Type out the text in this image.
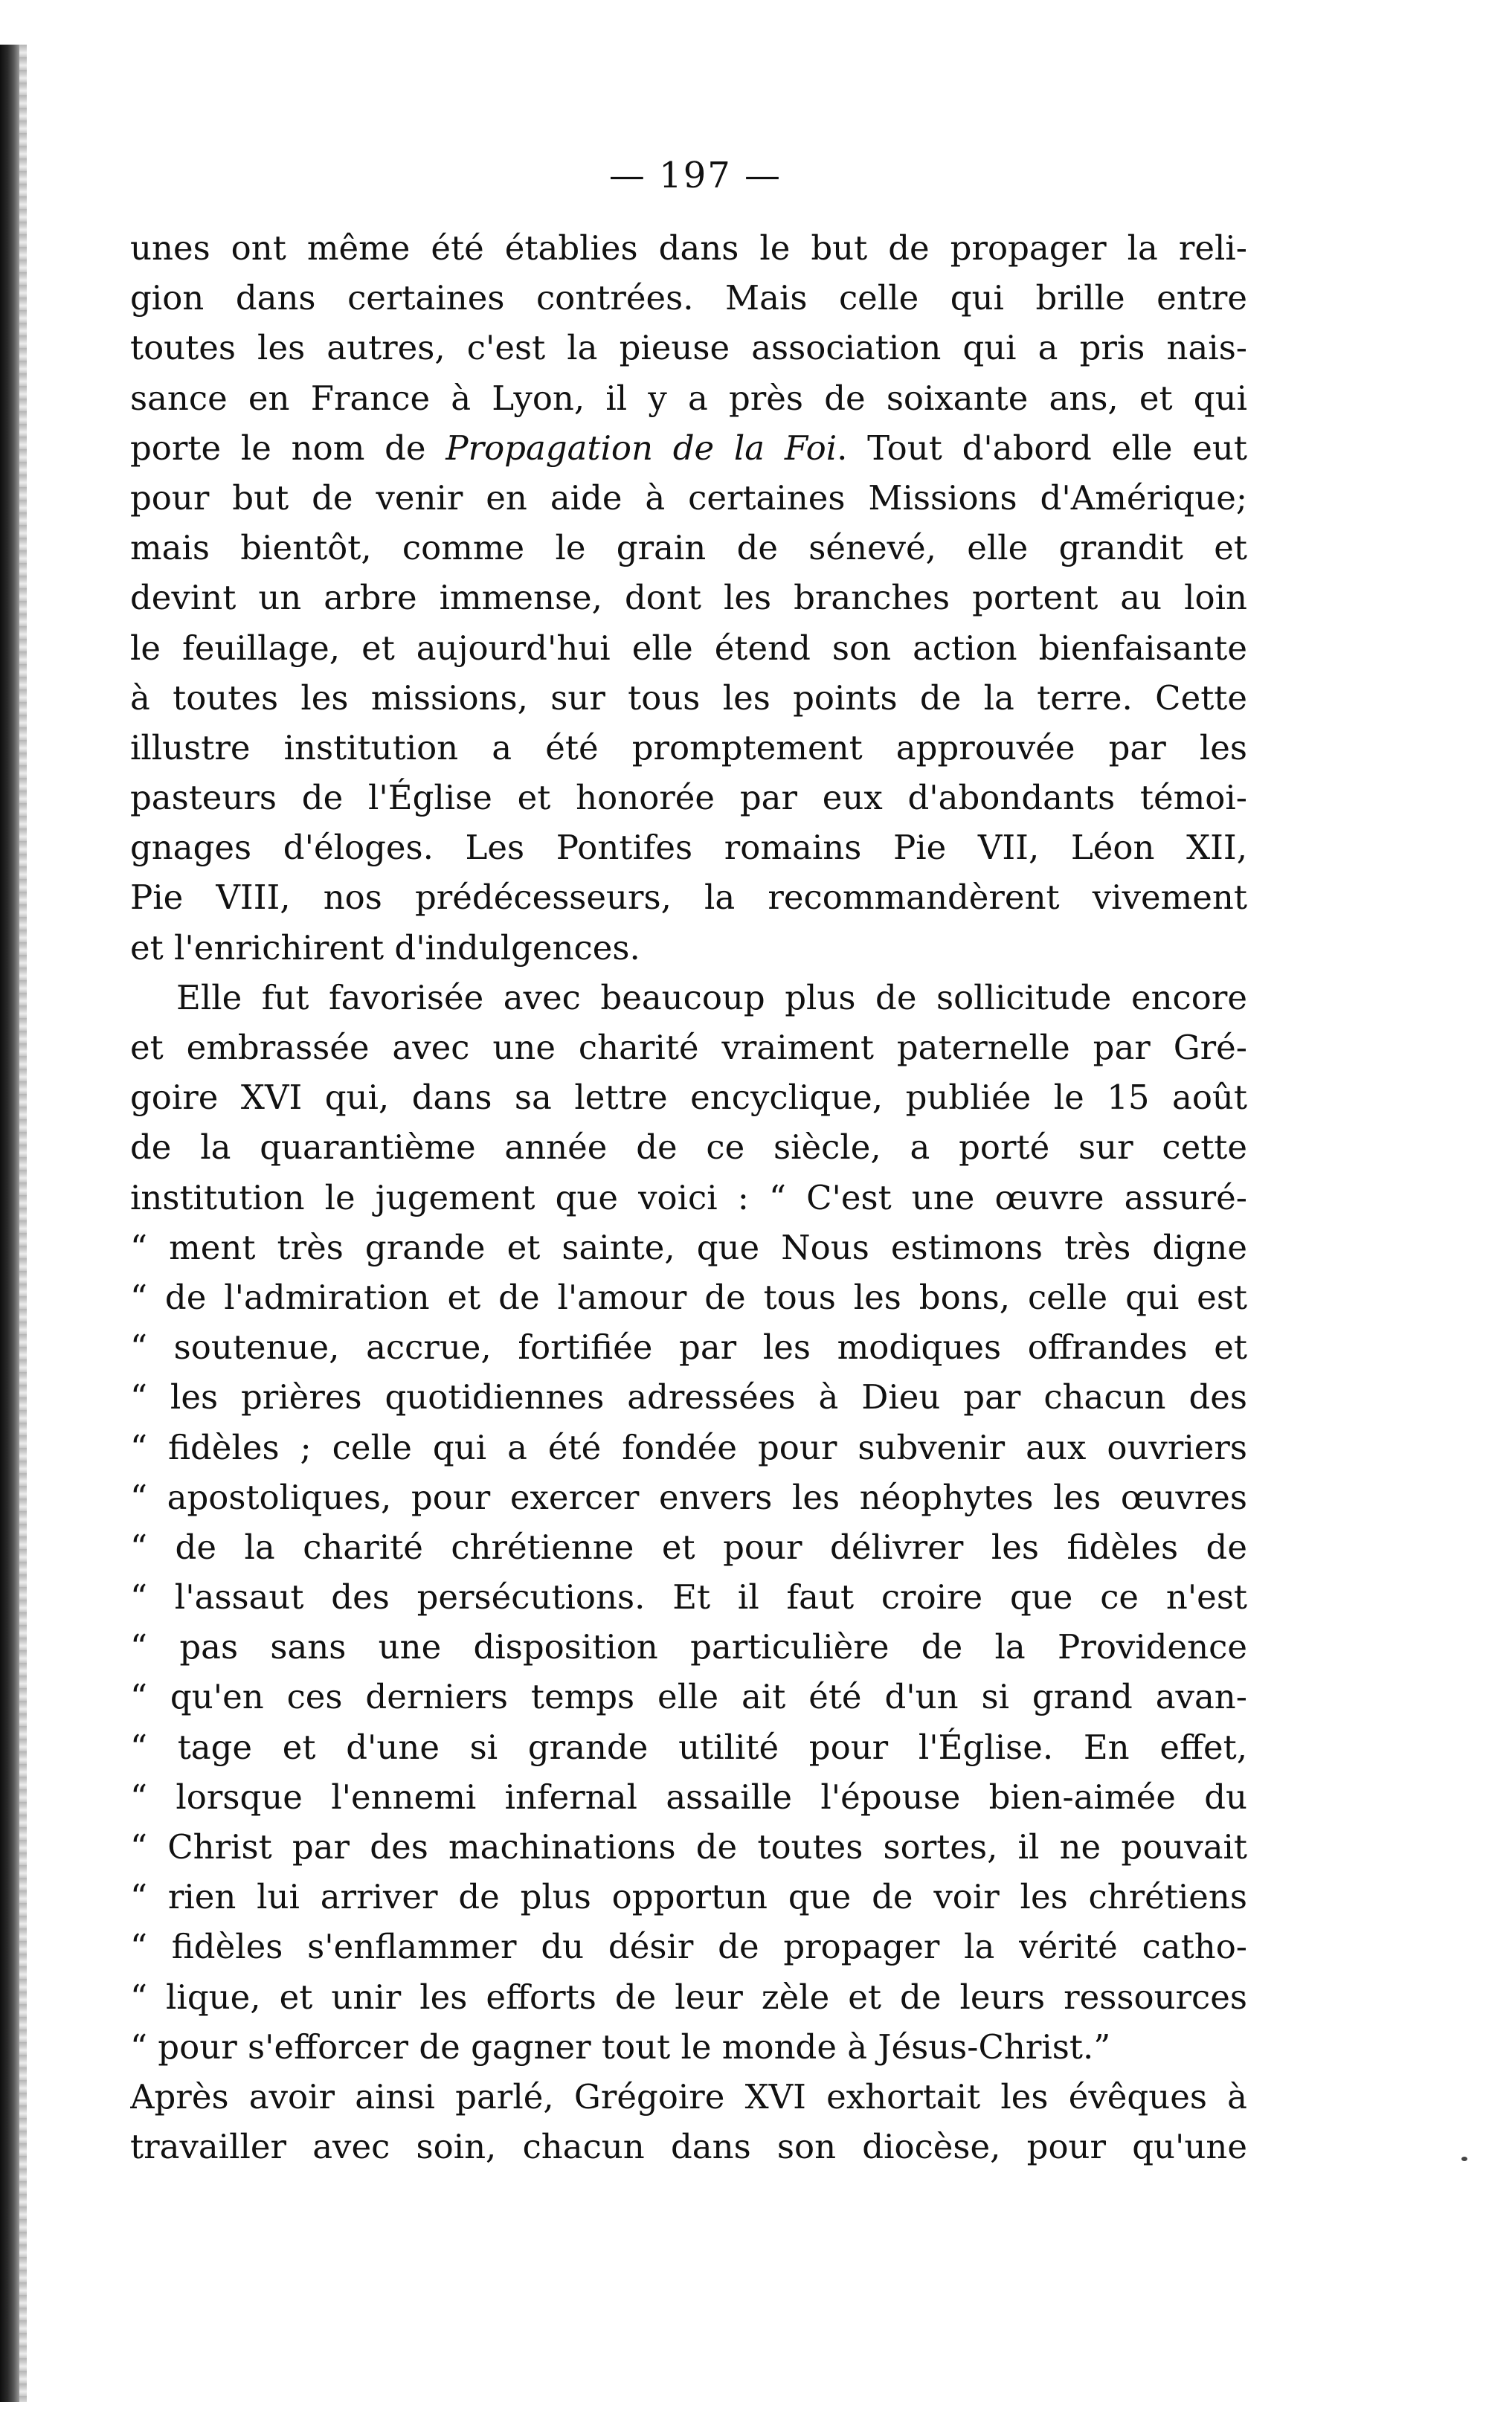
— 197 —
unes ont même été établies dans le but de propager la reli-
gion dans certaines contrées. Mais celle qui brille entre
toutes les autres, c'est la pieuse association qui a pris nais-
sance en France à Lyon, il y a près de soixante ans, et qui
porte le nom de Propagation de la Foi. Tout d'abord elle eut
pour but de venir en aide à certaines Missions d'Amérique;
mais bientôt, comme le grain de sénevé, elle grandit et
devint un arbre immense, dont les branches portent au loin
le feuillage, et aujourd'hui elle étend son action bienfaisante
à toutes les missions, sur tous les points de la terre. Cette
illustre institution a été promptement approuvée par les
pasteurs de l'Église et honorée par eux d'abondants témoi-
gnages d'éloges. Les Pontifes romains Pie VII, Léon XII,
Pie VIII, nos prédécesseurs, la recommandèrent vivement
et l'enrichirent d'indulgences.
Elle fut favorisée avec beaucoup plus de sollicitude encore
et embrassée avec une charité vraiment paternelle par Gré-
goire XVI qui, dans sa lettre encyclique, publiée le 15 août
de la quarantième année de ce siècle, a porté sur cette
institution le jugement que voici : “ C'est une œuvre assuré-
“ ment très grande et sainte, que Nous estimons très digne
“ de l'admiration et de l'amour de tous les bons, celle qui est
“ soutenue, accrue, fortifiée par les modiques offrandes et
“ les prières quotidiennes adressées à Dieu par chacun des
“ fidèles ; celle qui a été fondée pour subvenir aux ouvriers
“ apostoliques, pour exercer envers les néophytes les œuvres
“ de la charité chrétienne et pour délivrer les fidèles de
“ l'assaut des persécutions. Et il faut croire que ce n'est
“ pas sans une disposition particulière de la Providence
“ qu'en ces derniers temps elle ait été d'un si grand avan-
“ tage et d'une si grande utilité pour l'Église. En effet,
“ lorsque l'ennemi infernal assaille l'épouse bien-aimée du
“ Christ par des machinations de toutes sortes, il ne pouvait
“ rien lui arriver de plus opportun que de voir les chrétiens
“ fidèles s'enflammer du désir de propager la vérité catho-
“ lique, et unir les efforts de leur zèle et de leurs ressources
“ pour s'efforcer de gagner tout le monde à Jésus-Christ.”
Après avoir ainsi parlé, Grégoire XVI exhortait les évêques à
travailler avec soin, chacun dans son diocèse, pour qu'une
